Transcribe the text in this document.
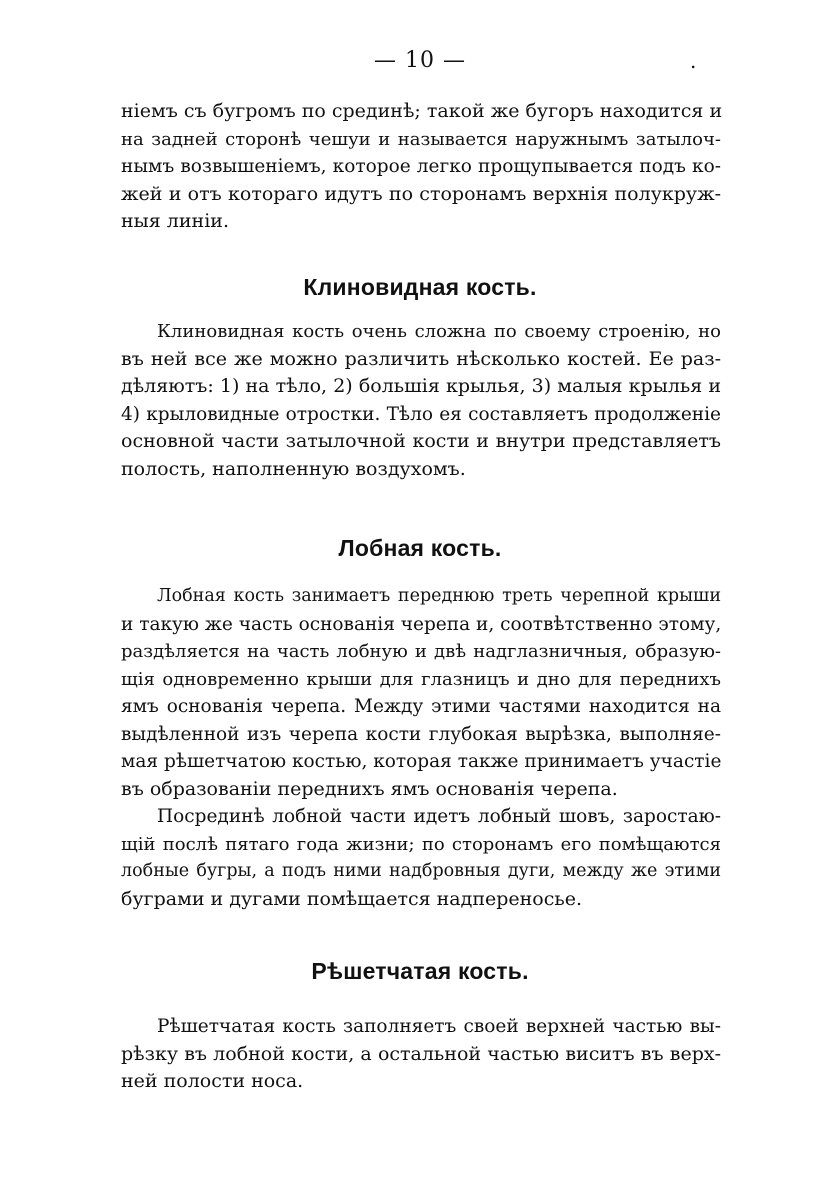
— 10 —	.
ніемъ съ бугромъ по срединѣ; такой же бугоръ находится и
на задней сторонѣ чешуи и называется наружнымъ затылоч-
нымъ возвышеніемъ, которое легко прощупывается подъ ко-
жей и отъ котораго идутъ по сторонамъ верхнія полукруж-
ныя линіи.
Клиновидная кость.
Клиновидная кость очень сложна по своему строенію, но
въ ней все же можно различить нѣсколько костей. Ее раз-
дѣляютъ: 1) на тѣло, 2) большія крылья, 3) малыя крылья и
4) крыловидные отростки. Тѣло ея составляетъ продолженіе
основной части затылочной кости и внутри представляетъ
полость, наполненную воздухомъ.
Лобная кость.
Лобная кость занимаетъ переднюю треть черепной крыши
и такую же часть основанія черепа и, соотвѣтственно этому,
раздѣляется на часть лобную и двѣ надглазничныя, образую-
щія одновременно крыши для глазницъ и дно для переднихъ
ямъ основанія черепа. Между этими частями находится на
выдѣленной изъ черепа кости глубокая вырѣзка, выполняе-
мая рѣшетчатою костью, которая также принимаетъ участіе
въ образованіи переднихъ ямъ основанія черепа.
Посрединѣ лобной части идетъ лобный шовъ, заростаю-
щій послѣ пятаго года жизни; по сторонамъ его помѣщаются
лобные бугры, а подъ ними надбровныя дуги, между же этими
буграми и дугами помѣщается надпереносье.
Рѣшетчатая кость.
Рѣшетчатая кость заполняетъ своей верхней частью вы-
рѣзку въ лобной кости, а остальной частью виситъ въ верх-
ней полости носа.
